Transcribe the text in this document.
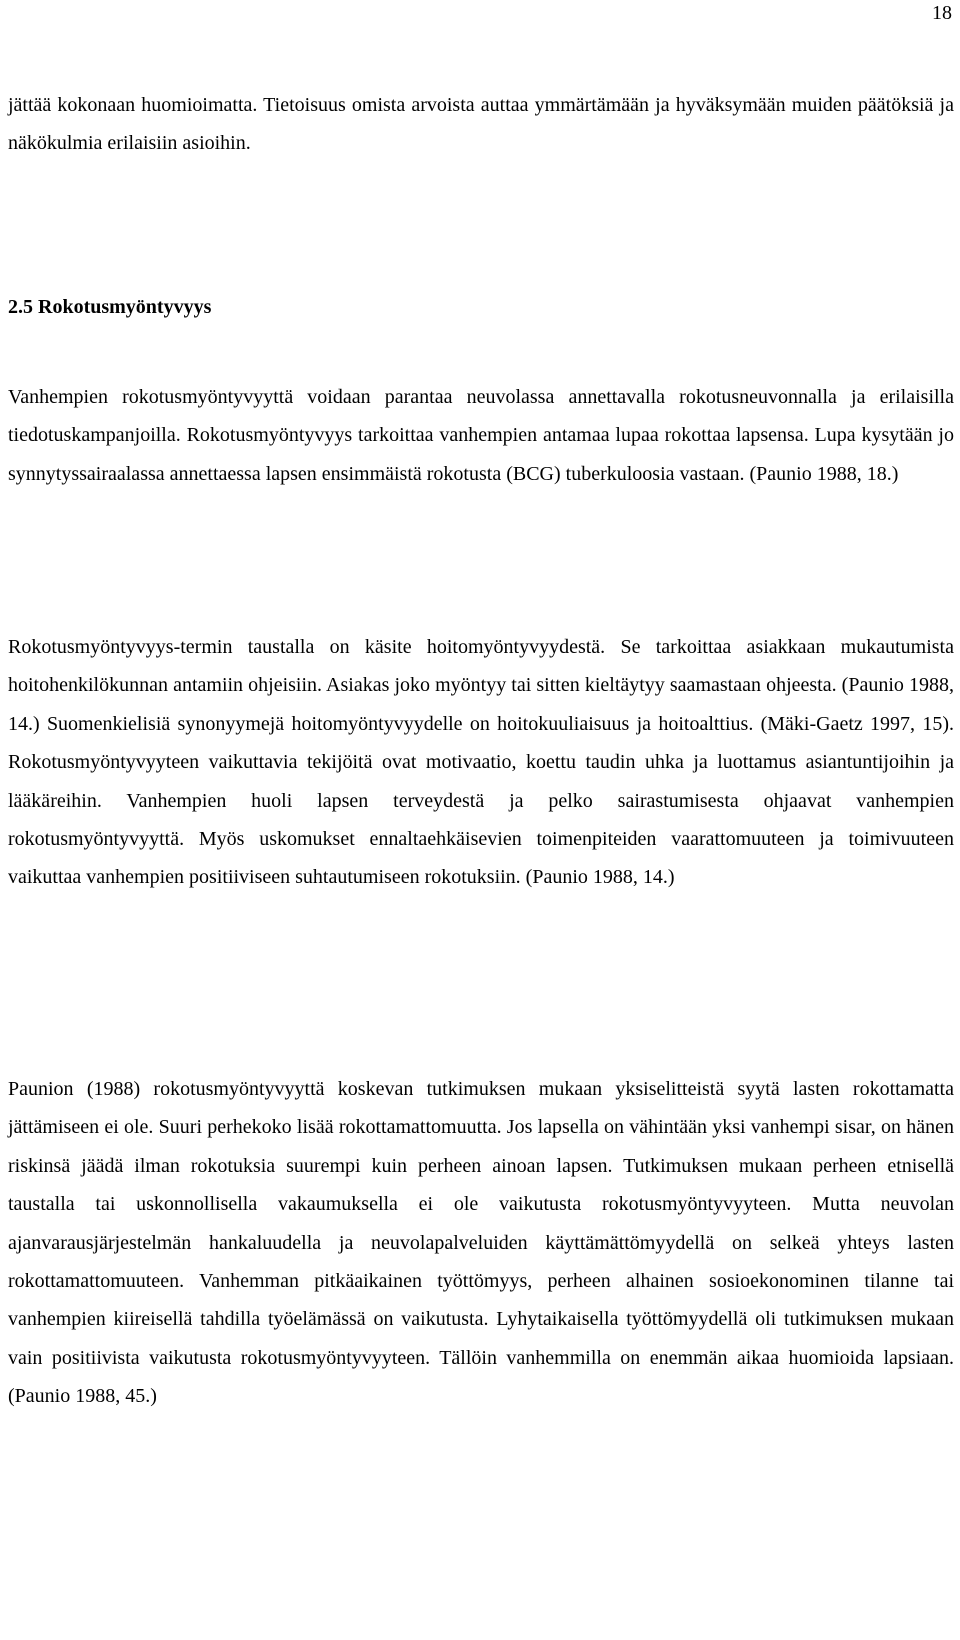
18

jättää kokonaan huomioimatta. Tietoisuus omista arvoista auttaa ymmärtämään ja hyväksymään muiden päätöksiä ja näkökulmia erilaisiin asioihin.

2.5 Rokotusmyöntyvyys

Vanhempien rokotusmyöntyvyyttä voidaan parantaa neuvolassa annettavalla rokotusneuvonnalla ja erilaisilla tiedotuskampanjoilla. Rokotusmyöntyvyys tarkoittaa vanhempien antamaa lupaa rokottaa lapsensa. Lupa kysytään jo synnytyssairaalassa annettaessa lapsen ensimmäistä rokotusta (BCG) tuberkuloosia vastaan. (Paunio 1988, 18.)

Rokotusmyöntyvyys-termin taustalla on käsite hoitomyöntyvyydestä. Se tarkoittaa asiakkaan mukautumista hoitohenkilökunnan antamiin ohjeisiin. Asiakas joko myöntyy tai sitten kieltäytyy saamastaan ohjeesta. (Paunio 1988, 14.) Suomenkielisiä synonyymejä hoitomyöntyvyydelle on hoitokuuliaisuus ja hoitoalttius. (Mäki-Gaetz 1997, 15). Rokotusmyöntyvyyteen vaikuttavia tekijöitä ovat motivaatio, koettu taudin uhka ja luottamus asiantuntijoihin ja lääkäreihin. Vanhempien huoli lapsen terveydestä ja pelko sairastumisesta ohjaavat vanhempien rokotusmyöntyvyyttä. Myös uskomukset ennaltaehkäisevien toimenpiteiden vaarattomuuteen ja toimivuuteen vaikuttaa vanhempien positiiviseen suhtautumiseen rokotuksiin. (Paunio 1988, 14.)

Paunion (1988) rokotusmyöntyvyyttä koskevan tutkimuksen mukaan yksiselitteistä syytä lasten rokottamatta jättämiseen ei ole. Suuri perhekoko lisää rokottamattomuutta. Jos lapsella on vähintään yksi vanhempi sisar, on hänen riskinsä jäädä ilman rokotuksia suurempi kuin perheen ainoan lapsen. Tutkimuksen mukaan perheen etnisellä taustalla tai uskonnollisella vakaumuksella ei ole vaikutusta rokotusmyöntyvyyteen. Mutta neuvolan ajanvarausjärjestelmän hankaluudella ja neuvolapalveluiden käyttämättömyydellä on selkeä yhteys lasten rokottamattomuuteen. Vanhemman pitkäaikainen työttömyys, perheen alhainen sosioekonominen tilanne tai vanhempien kiireisellä tahdilla työelämässä on vaikutusta. Lyhytaikaisella työttömyydellä oli tutkimuksen mukaan vain positiivista vaikutusta rokotusmyöntyvyyteen. Tällöin vanhemmilla on enemmän aikaa huomioida lapsiaan. (Paunio 1988, 45.)
